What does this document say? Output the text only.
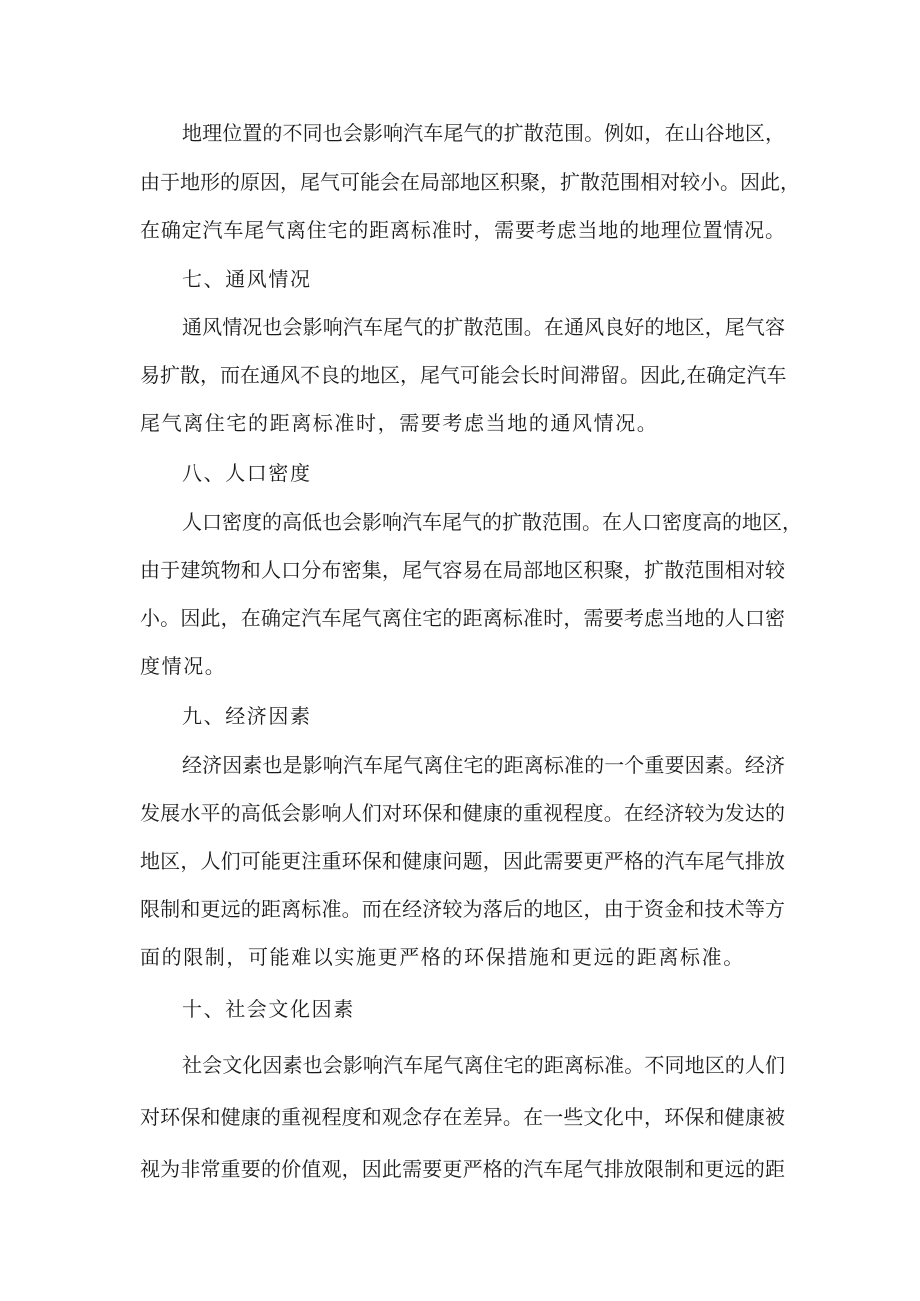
地理位置的不同也会影响汽车尾气的扩散范围。例如，在山谷地区，
由于地形的原因，尾气可能会在局部地区积聚，扩散范围相对较小。因此，
在确定汽车尾气离住宅的距离标准时，需要考虑当地的地理位置情况。
七、通风情况
通风情况也会影响汽车尾气的扩散范围。在通风良好的地区，尾气容
易扩散，而在通风不良的地区，尾气可能会长时间滞留。因此,在确定汽车
尾气离住宅的距离标准时，需要考虑当地的通风情况。
八、人口密度
人口密度的高低也会影响汽车尾气的扩散范围。在人口密度高的地区，
由于建筑物和人口分布密集，尾气容易在局部地区积聚，扩散范围相对较
小。因此，在确定汽车尾气离住宅的距离标准时，需要考虑当地的人口密
度情况。
九、经济因素
经济因素也是影响汽车尾气离住宅的距离标准的一个重要因素。经济
发展水平的高低会影响人们对环保和健康的重视程度。在经济较为发达的
地区，人们可能更注重环保和健康问题，因此需要更严格的汽车尾气排放
限制和更远的距离标准。而在经济较为落后的地区，由于资金和技术等方
面的限制，可能难以实施更严格的环保措施和更远的距离标准。
十、社会文化因素
社会文化因素也会影响汽车尾气离住宅的距离标准。不同地区的人们
对环保和健康的重视程度和观念存在差异。在一些文化中，环保和健康被
视为非常重要的价值观，因此需要更严格的汽车尾气排放限制和更远的距
